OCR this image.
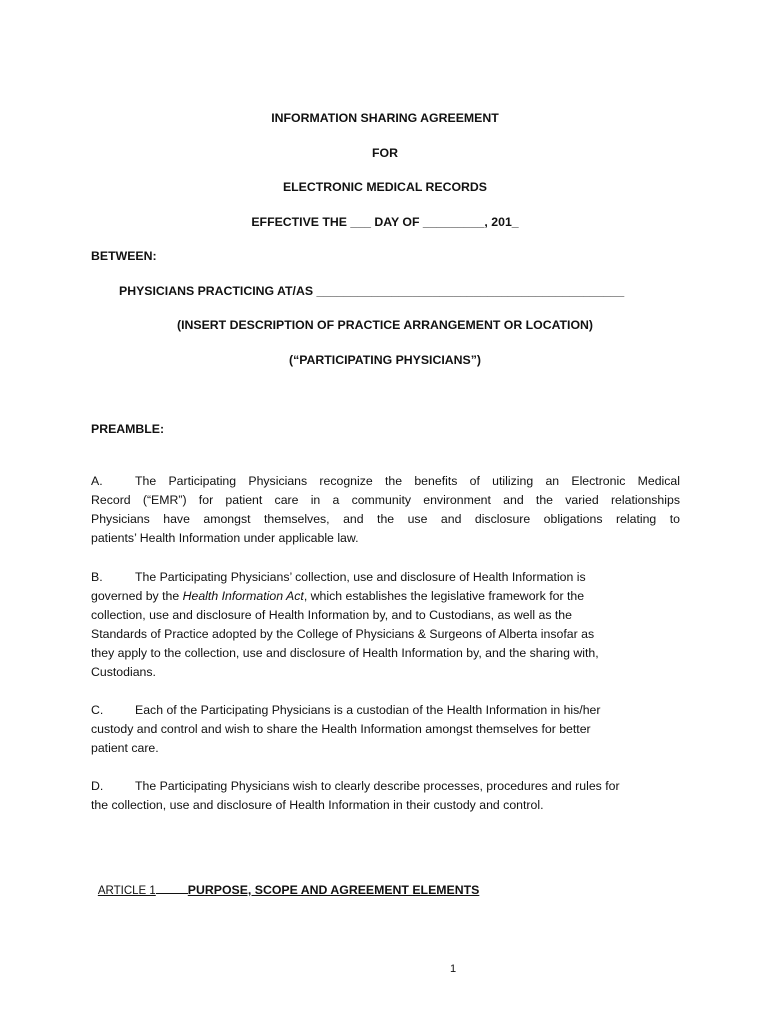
INFORMATION SHARING AGREEMENT
FOR
ELECTRONIC MEDICAL RECORDS
EFFECTIVE THE ___ DAY OF _________, 201_
BETWEEN:
PHYSICIANS PRACTICING AT/AS _____________________________________________
(INSERT DESCRIPTION OF PRACTICE ARRANGEMENT OR LOCATION)
(“PARTICIPATING PHYSICIANS”)
PREAMBLE:
A.	The Participating Physicians recognize the benefits of utilizing an Electronic Medical
Record (“EMR”) for patient care in a community environment and the varied relationships
Physicians have amongst themselves, and the use and disclosure obligations relating to
patients’ Health Information under applicable law.
B.	The Participating Physicians’ collection, use and disclosure of Health Information is
governed by the Health Information Act, which establishes the legislative framework for the
collection, use and disclosure of Health Information by, and to Custodians, as well as the
Standards of Practice adopted by the College of Physicians & Surgeons of Alberta insofar as
they apply to the collection, use and disclosure of Health Information by, and the sharing with,
Custodians.
C.	Each of the Participating Physicians is a custodian of the Health Information in his/her
custody and control and wish to share the Health Information amongst themselves for better
patient care.
D.	The Participating Physicians wish to clearly describe processes, procedures and rules for
the collection, use and disclosure of Health Information in their custody and control.

ARTICLE 1	PURPOSE, SCOPE AND AGREEMENT ELEMENTS

1
